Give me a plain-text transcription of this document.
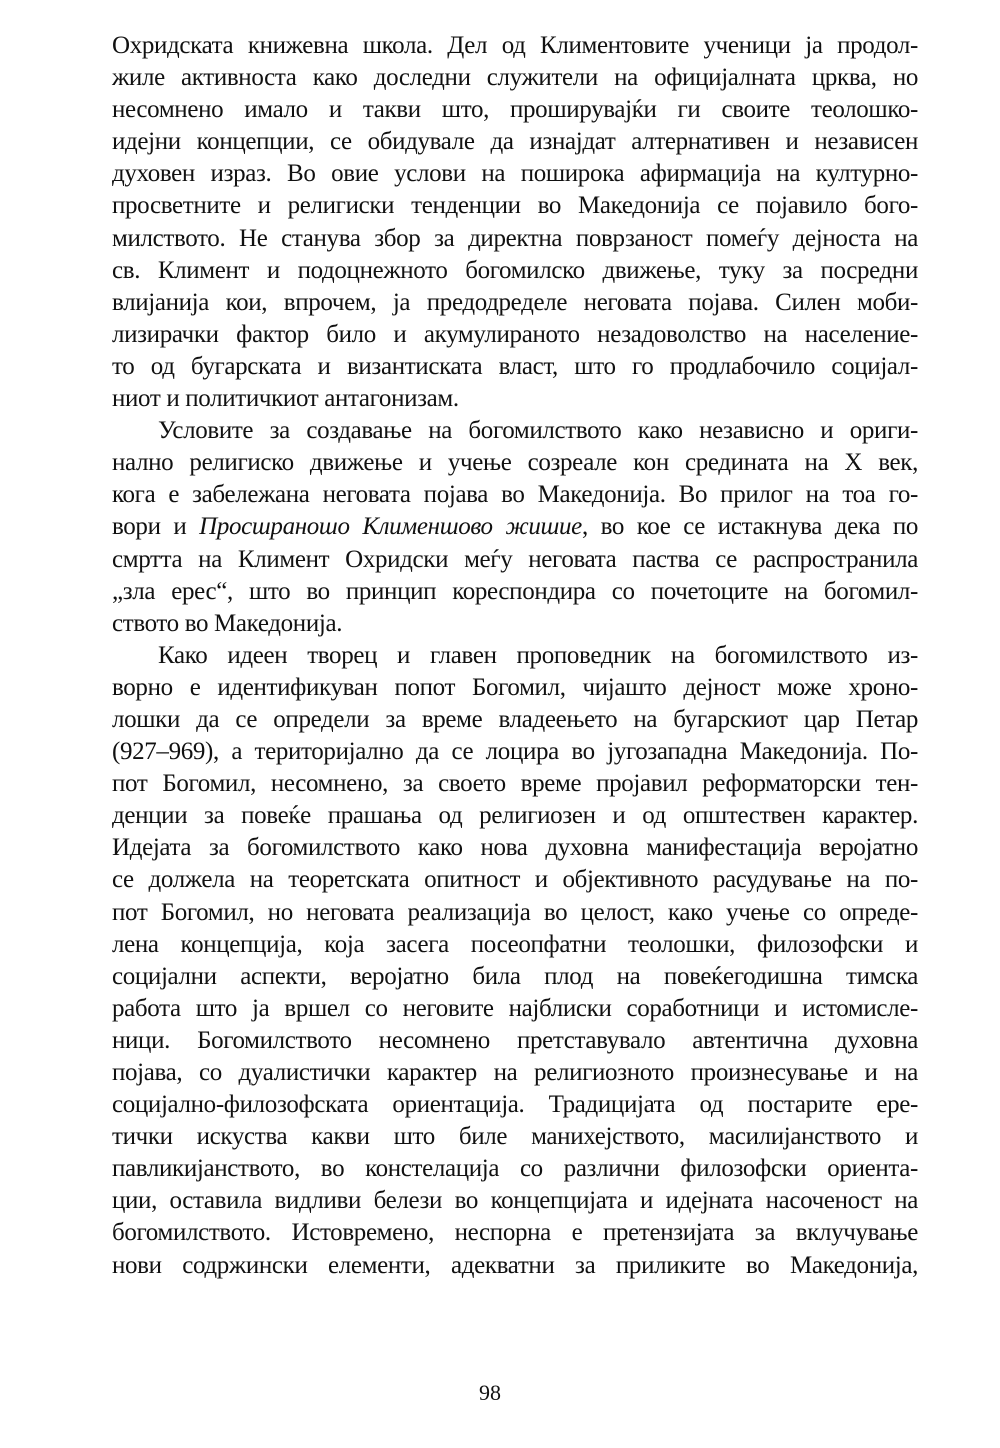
Охридската книжевна школа. Дел од Климентовите ученици ја продол-
жиле активноста како доследни служители на официјалната црква, но
несомнено имало и такви што, проширувајќи ги своите теолошко-
идејни концепции, се обидувале да изнајдат алтернативен и независен
духовен израз. Во овие услови на поширока афирмација на културно-
просветните и религиски тенденции во Македонија се појавило бого-
милството. Не станува збор за директна поврзаност помеѓу дејноста на
св. Климент и подоцнежното богомилско движење, туку за посредни
влијанија кои, впрочем, ја предодределе неговата појава. Силен моби-
лизирачки фактор било и акумулираното незадоволство на население-
то од бугарската и византиската власт, што го продлабочило социјал-
ниот и политичкиот антагонизам.
Условите за создавање на богомилството како независно и ориги-
нално религиско движење и учење созреале кон средината на X век,
кога е забележана неговата појава во Македонија. Во прилог на тоа го-
вори и Просшраношо Клименшово жишие, во кое се истакнува дека по
смртта на Климент Охридски меѓу неговата паства се распространила
„зла ерес“, што во принцип кореспондира со почетоците на богомил-
ството во Македонија.
Како идеен творец и главен проповедник на богомилството из-
ворно е идентификуван попот Богомил, чијашто дејност може хроно-
лошки да се определи за време владеењето на бугарскиот цар Петар
(927–969), а територијално да се лоцира во југозападна Македонија. По-
пот Богомил, несомнено, за своето време пројавил реформаторски тен-
денции за повеќе прашања од религиозен и од општествен карактер.
Идејата за богомилството како нова духовна манифестација веројатно
се должела на теоретската опитност и објективното расудување на по-
пот Богомил, но неговата реализација во целост, како учење со опреде-
лена концепција, која засега посеопфатни теолошки, филозофски и
социјални аспекти, веројатно била плод на повеќегодишна тимска
работа што ја вршел со неговите најблиски соработници и истомисле-
ници. Богомилството несомнено претставувало автентична духовна
појава, со дуалистички карактер на религиозното произнесување и на
социјално-филозофската ориентација. Традицијата од постарите ере-
тички искуства какви што биле манихејството, масилијанството и
павликијанството, во констелација со различни филозофски ориента-
ции, оставила видливи белези во концепцијата и идејната насоченост на
богомилството. Истовремено, неспорна е претензијата за вклучување
нови содржински елементи, адекватни за приликите во Македонија,
98
